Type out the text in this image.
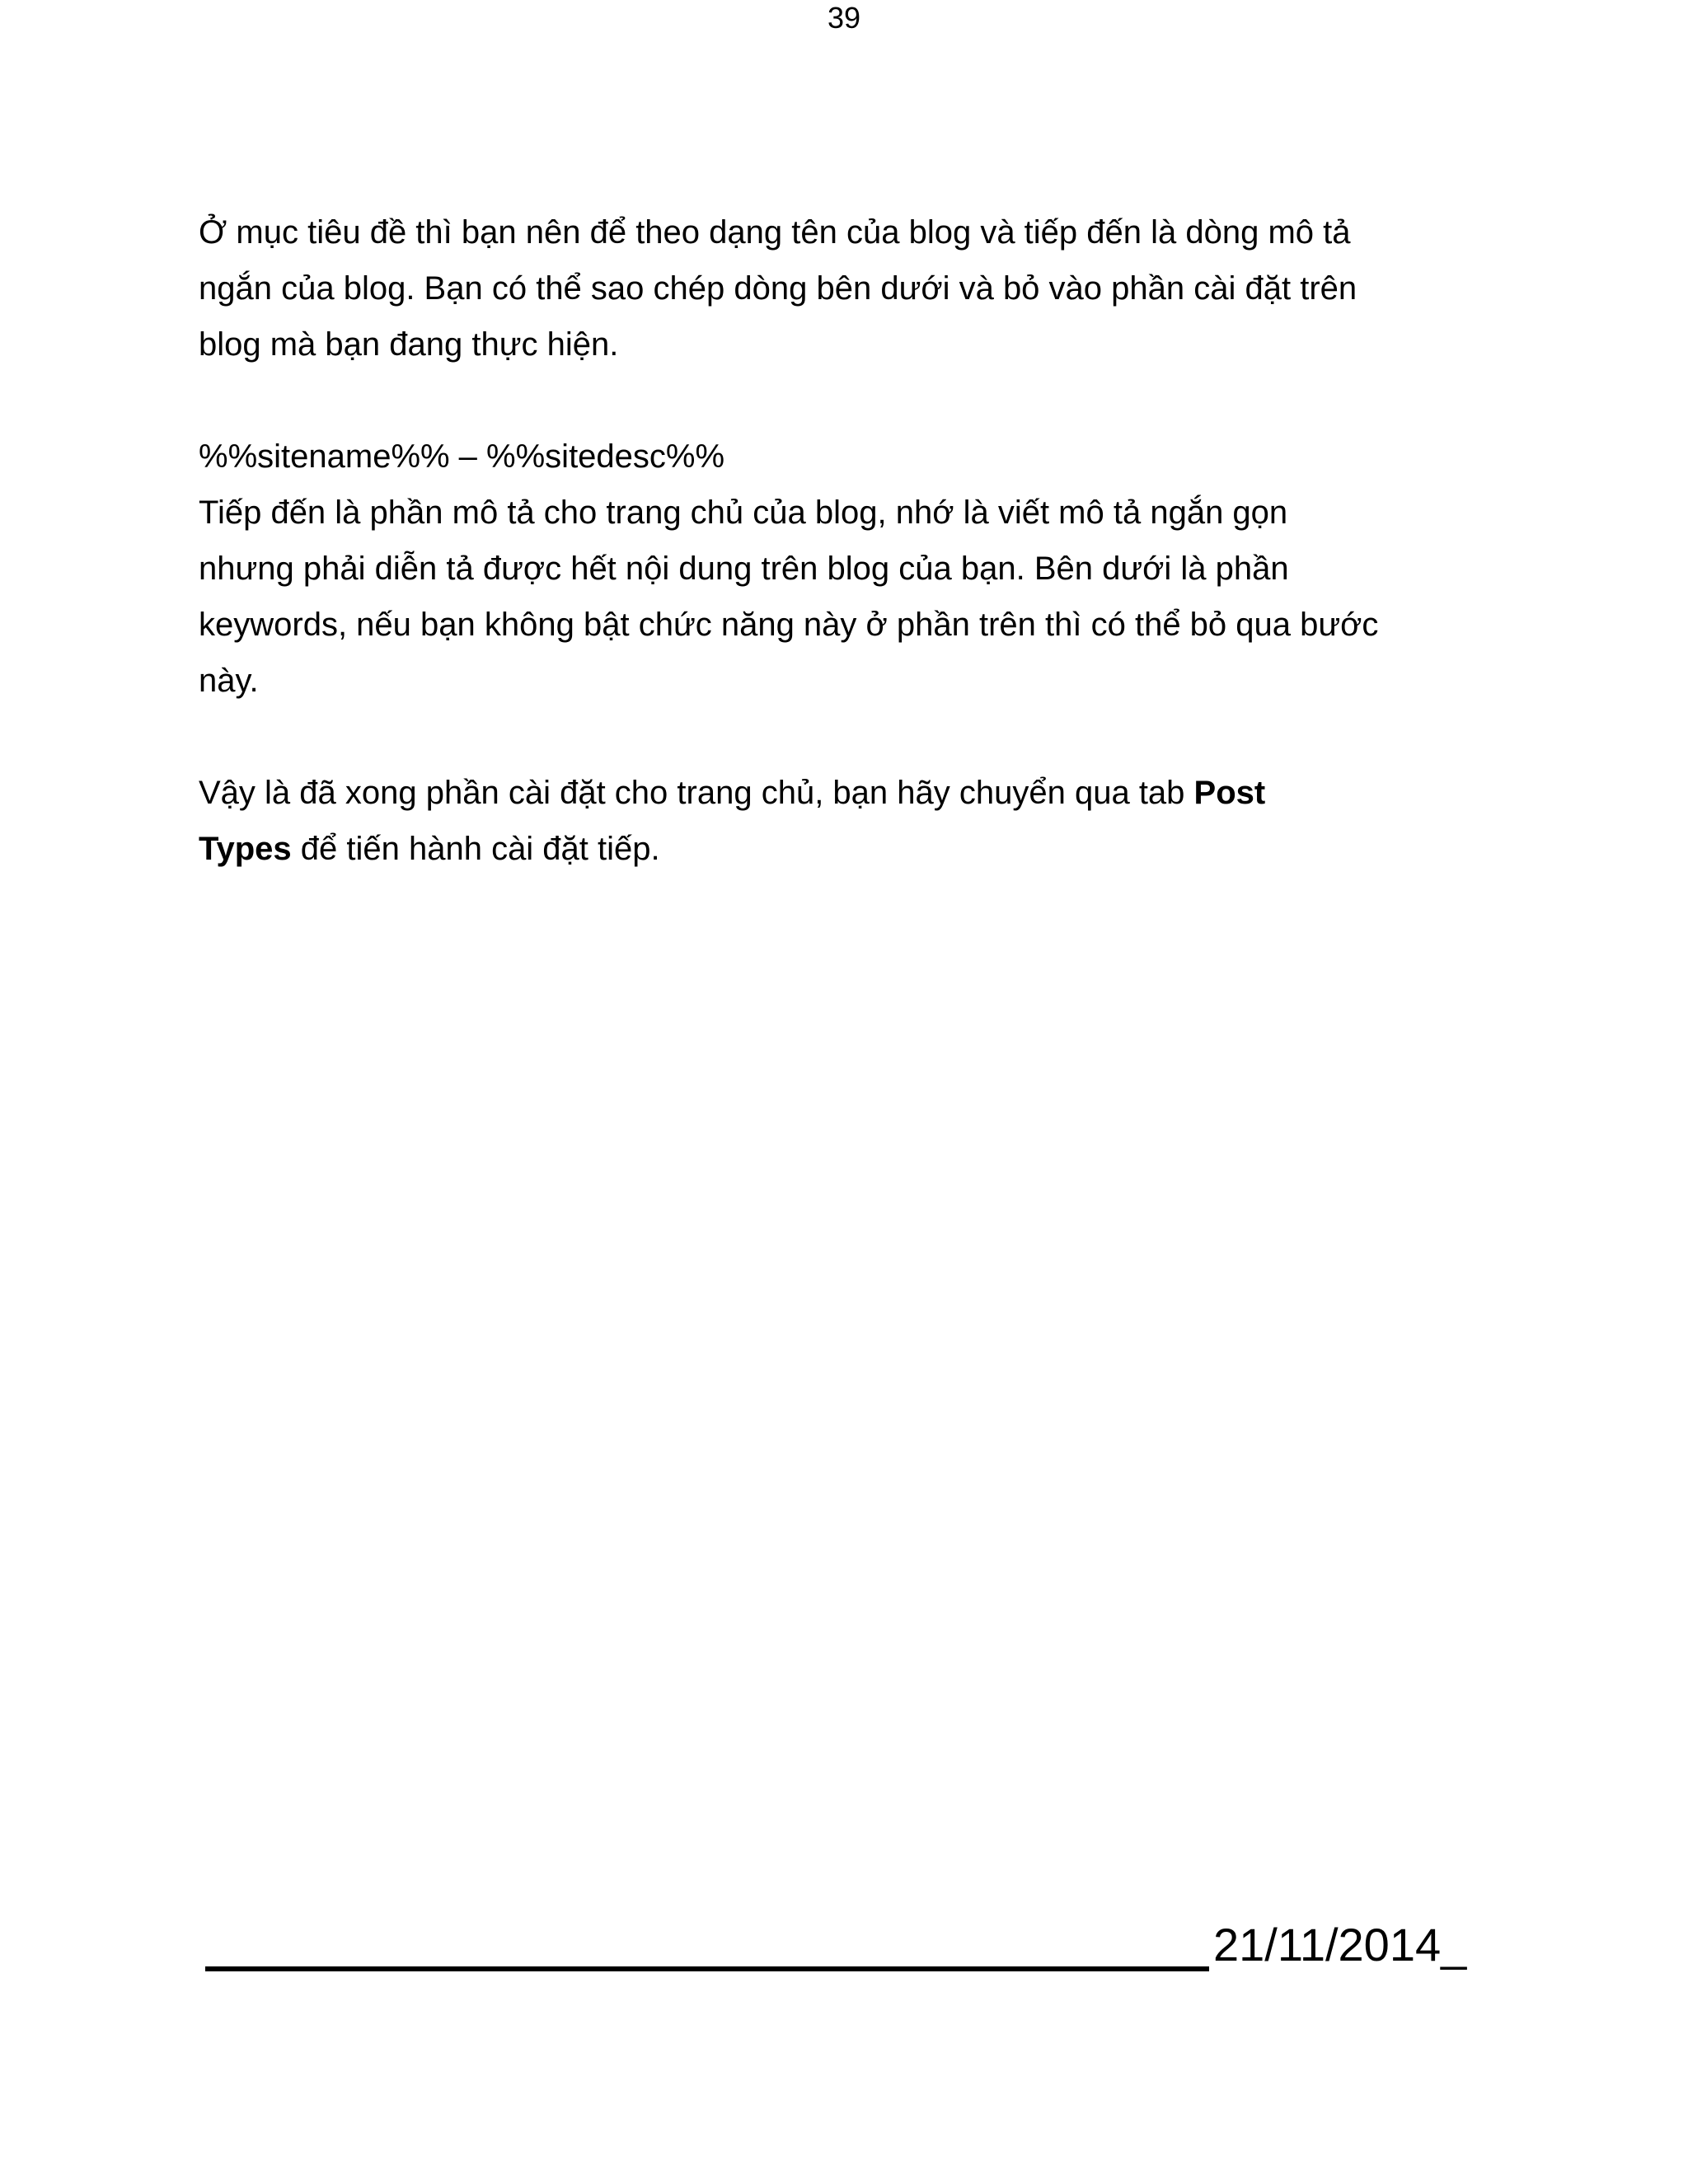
39

Ở mục tiêu đề thì bạn nên để theo dạng tên của blog và tiếp đến là dòng mô tả
ngắn của blog. Bạn có thể sao chép dòng bên dưới và bỏ vào phần cài đặt trên
blog mà bạn đang thực hiện.

%%sitename%% – %%sitedesc%%
Tiếp đến là phần mô tả cho trang chủ của blog, nhớ là viết mô tả ngắn gọn
nhưng phải diễn tả được hết nội dung trên blog của bạn. Bên dưới là phần
keywords, nếu bạn không bật chức năng này ở phần trên thì có thể bỏ qua bước
này.

Vậy là đã xong phần cài đặt cho trang chủ, bạn hãy chuyển qua tab Post
Types để tiến hành cài đặt tiếp.

21/11/2014_
